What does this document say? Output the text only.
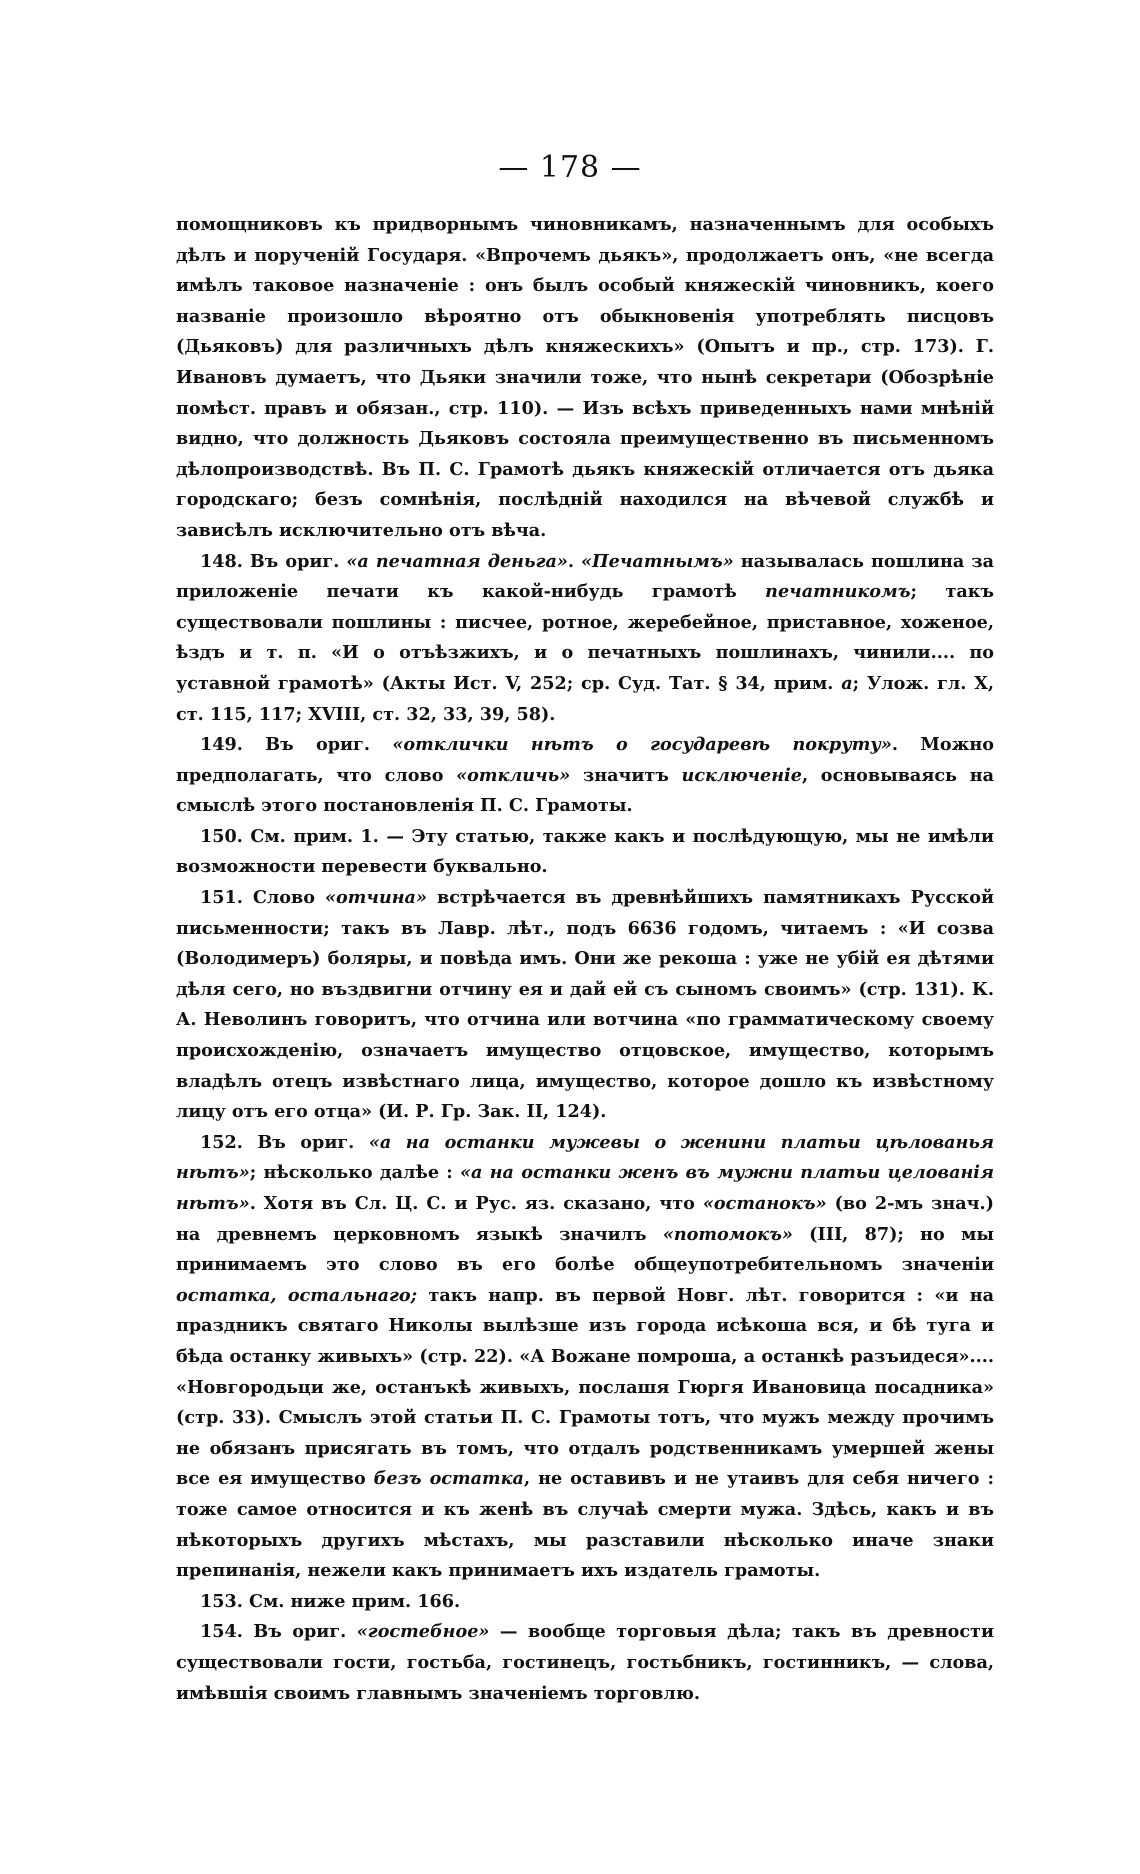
— 178 —

помощниковъ къ придворнымъ чиновникамъ, назначеннымъ для особыхъ дѣлъ и порученій Государя. «Впрочемъ дьякъ», продолжаетъ онъ, «не всегда имѣлъ таковое назначеніе : онъ былъ особый княжескій чиновникъ, коего названіе произошло вѣроятно отъ обыкновенія употреблять писцовъ (Дьяковъ) для различныхъ дѣлъ княжескихъ» (Опытъ и пр., стр. 173). Г. Ивановъ думаетъ, что Дьяки значили тоже, что нынѣ секретари (Обозрѣніе помѣст. правъ и обязан., стр. 110). — Изъ всѣхъ приведенныхъ нами мнѣній видно, что должность Дьяковъ состояла преимущественно въ письменномъ дѣлопроизводствѣ. Въ П. С. Грамотѣ дьякъ княжескій отличается отъ дьяка городскаго; безъ сомнѣнія, послѣдній находился на вѣчевой службѣ и зависѣлъ исключительно отъ вѣча.

148. Въ ориг. «а печатная деньга». «Печатнымъ» называлась пошлина за приложеніе печати къ какой-нибудь грамотѣ печатникомъ; такъ существовали пошлины : писчее, ротное, жеребейное, приставное, хоженое, ѣздъ и т. п. «И о отъѣзжихъ, и о печатныхъ пошлинахъ, чинили.... по уставной грамотѣ» (Акты Ист. V, 252; ср. Суд. Тат. § 34, прим. а; Улож. гл. X, ст. 115, 117; XVIII, ст. 32, 33, 39, 58).

149. Въ ориг. «отклички нѣтъ о государевѣ покруту». Можно предполагать, что слово «откличь» значитъ исключеніе, основываясь на смыслѣ этого постановленія П. С. Грамоты.

150. См. прим. 1. — Эту статью, также какъ и послѣдующую, мы не имѣли возможности перевести буквально.

151. Слово «отчина» встрѣчается въ древнѣйшихъ памятникахъ Русской письменности; такъ въ Лавр. лѣт., подъ 6636 годомъ, читаемъ : «И созва (Володимеръ) боляры, и повѣда имъ. Они же рекоша : уже не убій ея дѣтями дѣля сего, но въздвигни отчину ея и дай ей съ сыномъ своимъ» (стр. 131). К. А. Неволинъ говоритъ, что отчина или вотчина «по грамматическому своему происхожденію, означаетъ имущество отцовское, имущество, которымъ владѣлъ отецъ извѣстнаго лица, имущество, которое дошло къ извѣстному лицу отъ его отца» (И. Р. Гр. Зак. II, 124).

152. Въ ориг. «а на останки мужевы о женини платьи цѣлованья нѣтъ»; нѣсколько далѣе : «а на останки женъ въ мужни платьи целованія нѣтъ». Хотя въ Сл. Ц. С. и Рус. яз. сказано, что «останокъ» (во 2-мъ знач.) на древнемъ церковномъ языкѣ значилъ «потомокъ» (III, 87); но мы принимаемъ это слово въ его болѣе общеупотребительномъ значеніи остатка, остальнаго; такъ напр. въ первой Новг. лѣт. говорится : «и на праздникъ святаго Николы вылѣзше изъ города исѣкоша вся, и бѣ туга и бѣда останку живыхъ» (стр. 22). «А Вожане помроша, а останкѣ разъидеся».... «Новгородьци же, останъкѣ живыхъ, послашя Гюргя Ивановица посадника» (стр. 33). Смыслъ этой статьи П. С. Грамоты тотъ, что мужъ между прочимъ не обязанъ присягать въ томъ, что отдалъ родственникамъ умершей жены все ея имущество безъ остатка, не оставивъ и не утаивъ для себя ничего : тоже самое относится и къ женѣ въ случаѣ смерти мужа. Здѣсь, какъ и въ нѣкоторыхъ другихъ мѣстахъ, мы разставили нѣсколько иначе знаки препинанія, нежели какъ принимаетъ ихъ издатель грамоты.

153. См. ниже прим. 166.

154. Въ ориг. «гостебное» — вообще торговыя дѣла; такъ въ древности существовали гости, гостьба, гостинецъ, гостьбникъ, гостинникъ, — слова, имѣвшія своимъ главнымъ значеніемъ торговлю.
